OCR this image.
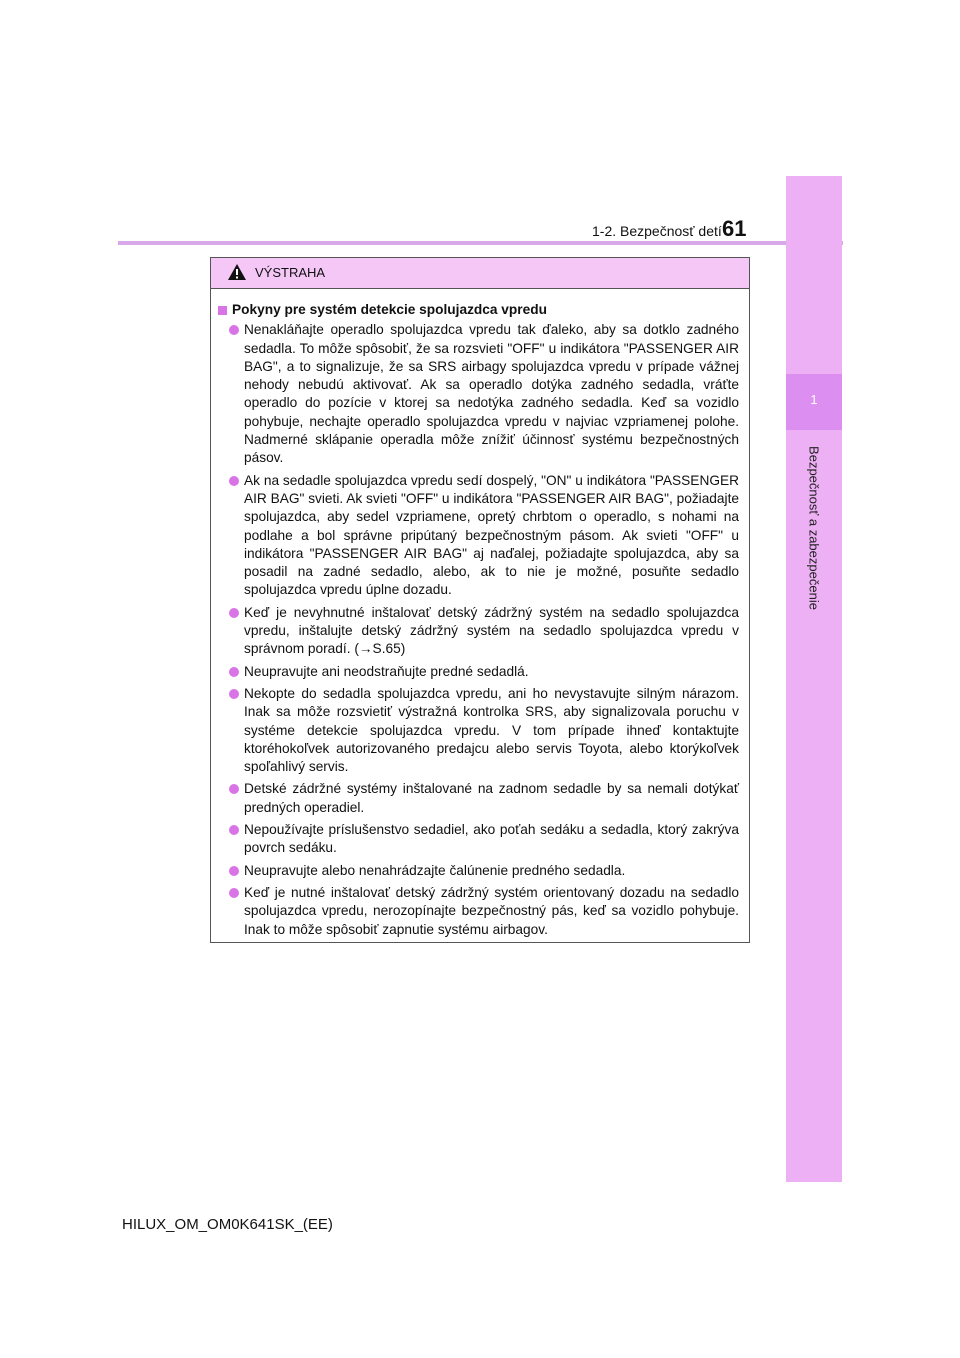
1-2. Bezpečnosť detí 61
1
Bezpečnosť a zabezpečenie
VÝSTRAHA
Pokyny pre systém detekcie spolujazdca vpredu
Nenakláňajte operadlo spolujazdca vpredu tak ďaleko, aby sa dotklo zadného sedadla. To môže spôsobiť, že sa rozsvieti "OFF" u indikátora "PASSENGER AIR BAG", a to signalizuje, že sa SRS airbagy spolujazdca vpredu v prípade vážnej nehody nebudú aktivovať. Ak sa operadlo dotýka zadného sedadla, vráťte operadlo do pozície v ktorej sa nedotýka zadného sedadla. Keď sa vozidlo pohybuje, nechajte operadlo spolujazdca vpredu v najviac vzpriamenej polohe. Nadmerné sklápanie operadla môže znížiť účinnosť systému bezpečnostných pásov.
Ak na sedadle spolujazdca vpredu sedí dospelý, "ON" u indikátora "PASSENGER AIR BAG" svieti. Ak svieti "OFF" u indikátora "PASSENGER AIR BAG", požiadajte spolujazdca, aby sedel vzpriamene, opretý chrbtom o operadlo, s nohami na podlahe a bol správne pripútaný bezpečnostným pásom. Ak svieti "OFF" u indikátora "PASSENGER AIR BAG" aj naďalej, požiadajte spolujazdca, aby sa posadil na zadné sedadlo, alebo, ak to nie je možné, posuňte sedadlo spolujazdca vpredu úplne dozadu.
Keď je nevyhnutné inštalovať detský zádržný systém na sedadlo spolujazdca vpredu, inštalujte detský zádržný systém na sedadlo spolujazdca vpredu v správnom poradí. (→S.65)
Neupravujte ani neodstraňujte predné sedadlá.
Nekopte do sedadla spolujazdca vpredu, ani ho nevystavujte silným nárazom. Inak sa môže rozsvietiť výstražná kontrolka SRS, aby signalizovala poruchu v systéme detekcie spolujazdca vpredu. V tom prípade ihneď kontaktujte ktoréhokoľvek autorizovaného predajcu alebo servis Toyota, alebo ktorýkoľvek spoľahlivý servis.
Detské zádržné systémy inštalované na zadnom sedadle by sa nemali dotýkať predných operadiel.
Nepoužívajte príslušenstvo sedadiel, ako poťah sedáku a sedadla, ktorý zakrýva povrch sedáku.
Neupravujte alebo nenahrádzajte čalúnenie predného sedadla.
Keď je nutné inštalovať detský zádržný systém orientovaný dozadu na sedadlo spolujazdca vpredu, nerozopínajte bezpečnostný pás, keď sa vozidlo pohybuje. Inak to môže spôsobiť zapnutie systému airbagov.
HILUX_OM_OM0K641SK_(EE)
